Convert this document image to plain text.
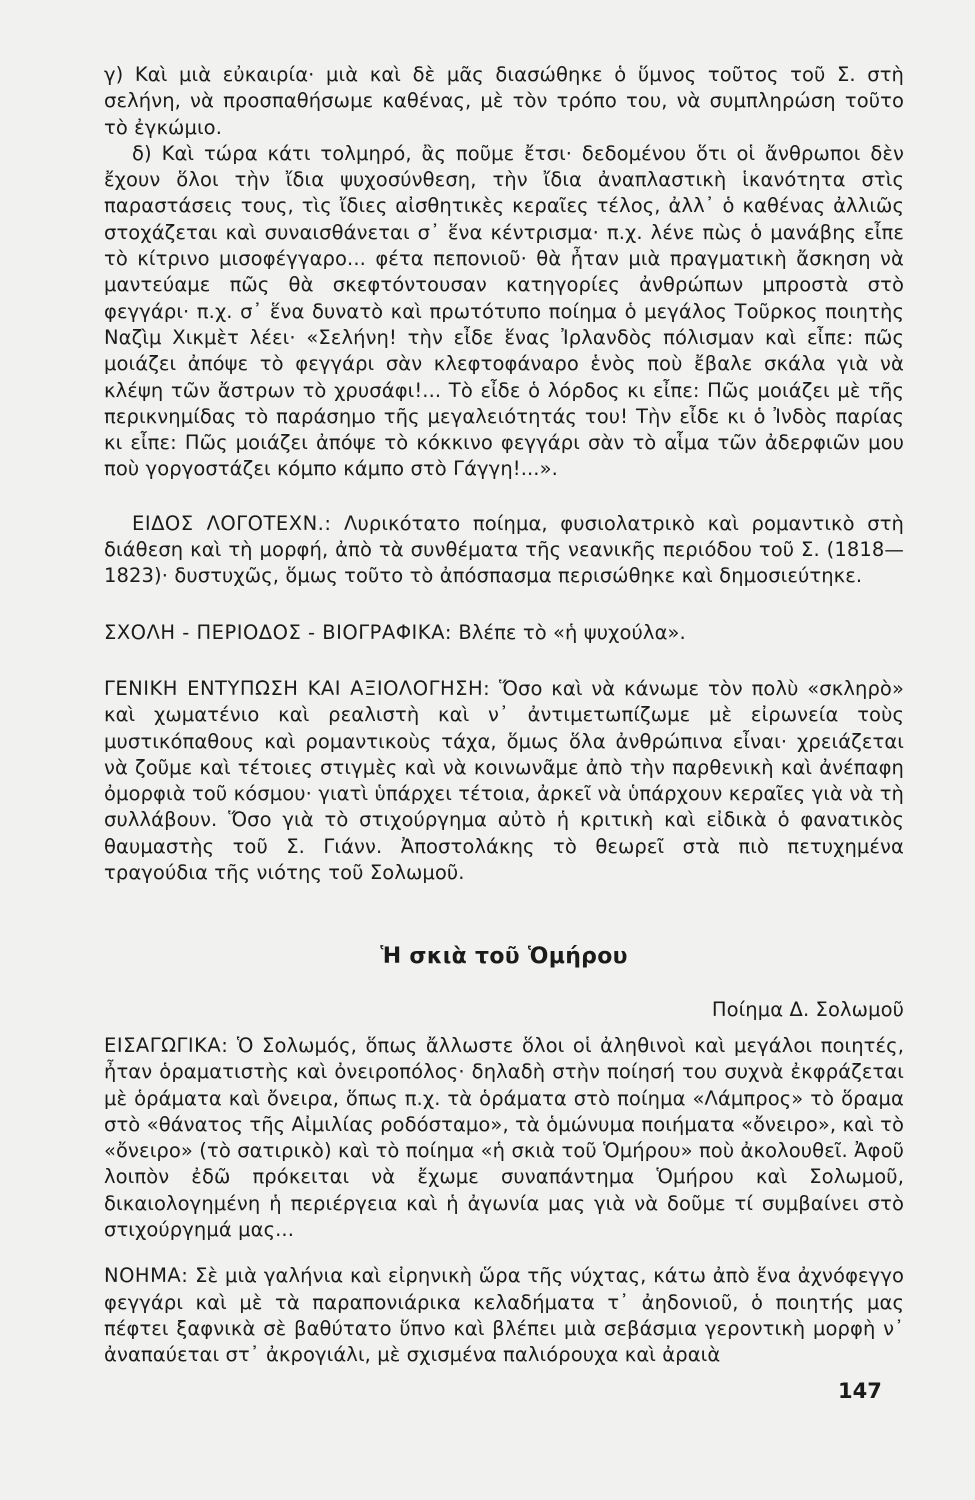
γ) Καὶ μιὰ εὐκαιρία· μιὰ καὶ δὲ μᾶς διασώθηκε ὁ ὕμνος τοῦτος τοῦ Σ. στὴ σελήνη, νὰ προσπαθήσωμε καθένας, μὲ τὸν τρόπο του, νὰ συμπληρώση τοῦτο τὸ ἐγκώμιο.

δ) Καὶ τώρα κάτι τολμηρό, ἂς ποῦμε ἔτσι· δεδομένου ὅτι οἱ ἄνθρωποι δὲν ἔχουν ὅλοι τὴν ἴδια ψυχοσύνθεση, τὴν ἴδια ἀναπλαστικὴ ἱκανότητα στὶς παραστάσεις τους, τὶς ἴδιες αἰσθητικὲς κεραῖες τέλος, ἀλλ᾿ ὁ καθένας ἀλλιῶς στοχάζεται καὶ συναισθάνεται σ᾿ ἕνα κέντρισμα· π.χ. λένε πὼς ὁ μανάβης εἶπε τὸ κίτρινο μισοφέγγαρο... φέτα πεπονιοῦ· θὰ ἦταν μιὰ πραγματικὴ ἄσκηση νὰ μαντεύαμε πῶς θὰ σκεφτόντουσαν κατηγορίες ἀνθρώπων μπροστὰ στὸ φεγγάρι· π.χ. σ᾿ ἕνα δυνατὸ καὶ πρωτότυπο ποίημα ὁ μεγάλος Τοῦρκος ποιητὴς Ναζὶμ Χικμὲτ λέει· «Σελήνη! τὴν εἶδε ἕνας Ἰρλανδὸς πόλισμαν καὶ εἶπε: πῶς μοιάζει ἀπόψε τὸ φεγγάρι σὰν κλεφτοφάναρο ἑνὸς ποὺ ἔβαλε σκάλα γιὰ νὰ κλέψη τῶν ἄστρων τὸ χρυσάφι!... Τὸ εἶδε ὁ λόρδος κι εἶπε: Πῶς μοιάζει μὲ τῆς περικνημίδας τὸ παράσημο τῆς μεγαλειότητάς του! Τὴν εἶδε κι ὁ Ἰνδὸς παρίας κι εἶπε: Πῶς μοιάζει ἀπόψε τὸ κόκκινο φεγγάρι σὰν τὸ αἷμα τῶν ἀδερφιῶν μου ποὺ γοργοστάζει κόμπο κάμπο στὸ Γάγγη!...».

ΕΙΔΟΣ ΛΟΓΟΤΕΧΝ.: Λυρικότατο ποίημα, φυσιολατρικὸ καὶ ρομαντικὸ στὴ διάθεση καὶ τὴ μορφή, ἀπὸ τὰ συνθέματα τῆς νεανικῆς περιόδου τοῦ Σ. (1818—1823)· δυστυχῶς, ὅμως τοῦτο τὸ ἀπόσπασμα περισώθηκε καὶ δημοσιεύτηκε.

ΣΧΟΛΗ - ΠΕΡΙΟΔΟΣ - ΒΙΟΓΡΑΦΙΚΑ: Βλέπε τὸ «ἡ ψυχούλα».

ΓΕΝΙΚΗ ΕΝΤΥΠΩΣΗ ΚΑΙ ΑΞΙΟΛΟΓΗΣΗ: Ὅσο καὶ νὰ κάνωμε τὸν πολὺ «σκληρὸ» καὶ χωματένιο καὶ ρεαλιστὴ καὶ ν᾿ ἀντιμετωπίζωμε μὲ εἰρωνεία τοὺς μυστικόπαθους καὶ ρομαντικοὺς τάχα, ὅμως ὅλα ἀνθρώπινα εἶναι· χρειάζεται νὰ ζοῦμε καὶ τέτοιες στιγμὲς καὶ νὰ κοινωνᾶμε ἀπὸ τὴν παρθενικὴ καὶ ἀνέπαφη ὀμορφιὰ τοῦ κόσμου· γιατὶ ὑπάρχει τέτοια, ἀρκεῖ νὰ ὑπάρχουν κεραῖες γιὰ νὰ τὴ συλλάβουν. Ὅσο γιὰ τὸ στιχούργημα αὐτὸ ἡ κριτικὴ καὶ εἰδικὰ ὁ φανατικὸς θαυμαστὴς τοῦ Σ. Γιάνν. Ἀποστολάκης τὸ θεωρεῖ στὰ πιὸ πετυχημένα τραγούδια τῆς νιότης τοῦ Σολωμοῦ.

Ἡ σκιὰ τοῦ Ὁμήρου
Ποίημα Δ. Σολωμοῦ

ΕΙΣΑΓΩΓΙΚΑ: Ὁ Σολωμός, ὅπως ἄλλωστε ὅλοι οἱ ἀληθινοὶ καὶ μεγάλοι ποιητές, ἦταν ὁραματιστὴς καὶ ὀνειροπόλος· δηλαδὴ στὴν ποίησή του συχνὰ ἐκφράζεται μὲ ὁράματα καὶ ὄνειρα, ὅπως π.χ. τὰ ὁράματα στὸ ποίημα «Λάμπρος» τὸ ὅραμα στὸ «θάνατος τῆς Αἰμιλίας ροδόσταμο», τὰ ὁμώνυμα ποιήματα «ὄνειρο», καὶ τὸ «ὄνειρο» (τὸ σατιρικὸ) καὶ τὸ ποίημα «ἡ σκιὰ τοῦ Ὁμήρου» ποὺ ἀκολουθεῖ. Ἀφοῦ λοιπὸν ἐδῶ πρόκειται νὰ ἔχωμε συναπάντημα Ὁμήρου καὶ Σολωμοῦ, δικαιολογημένη ἡ περιέργεια καὶ ἡ ἀγωνία μας γιὰ νὰ δοῦμε τί συμβαίνει στὸ στιχούργημά μας...

ΝΟΗΜΑ: Σὲ μιὰ γαλήνια καὶ εἰρηνικὴ ὥρα τῆς νύχτας, κάτω ἀπὸ ἕνα ἀχνόφεγγο φεγγάρι καὶ μὲ τὰ παραπονιάρικα κελαδήματα τ᾿ ἀηδονιοῦ, ὁ ποιητής μας πέφτει ξαφνικὰ σὲ βαθύτατο ὕπνο καὶ βλέπει μιὰ σεβάσμια γεροντικὴ μορφὴ ν᾿ ἀναπαύεται στ᾿ ἀκρογιάλι, μὲ σχισμένα παλιόρουχα καὶ ἀραιὰ

147
